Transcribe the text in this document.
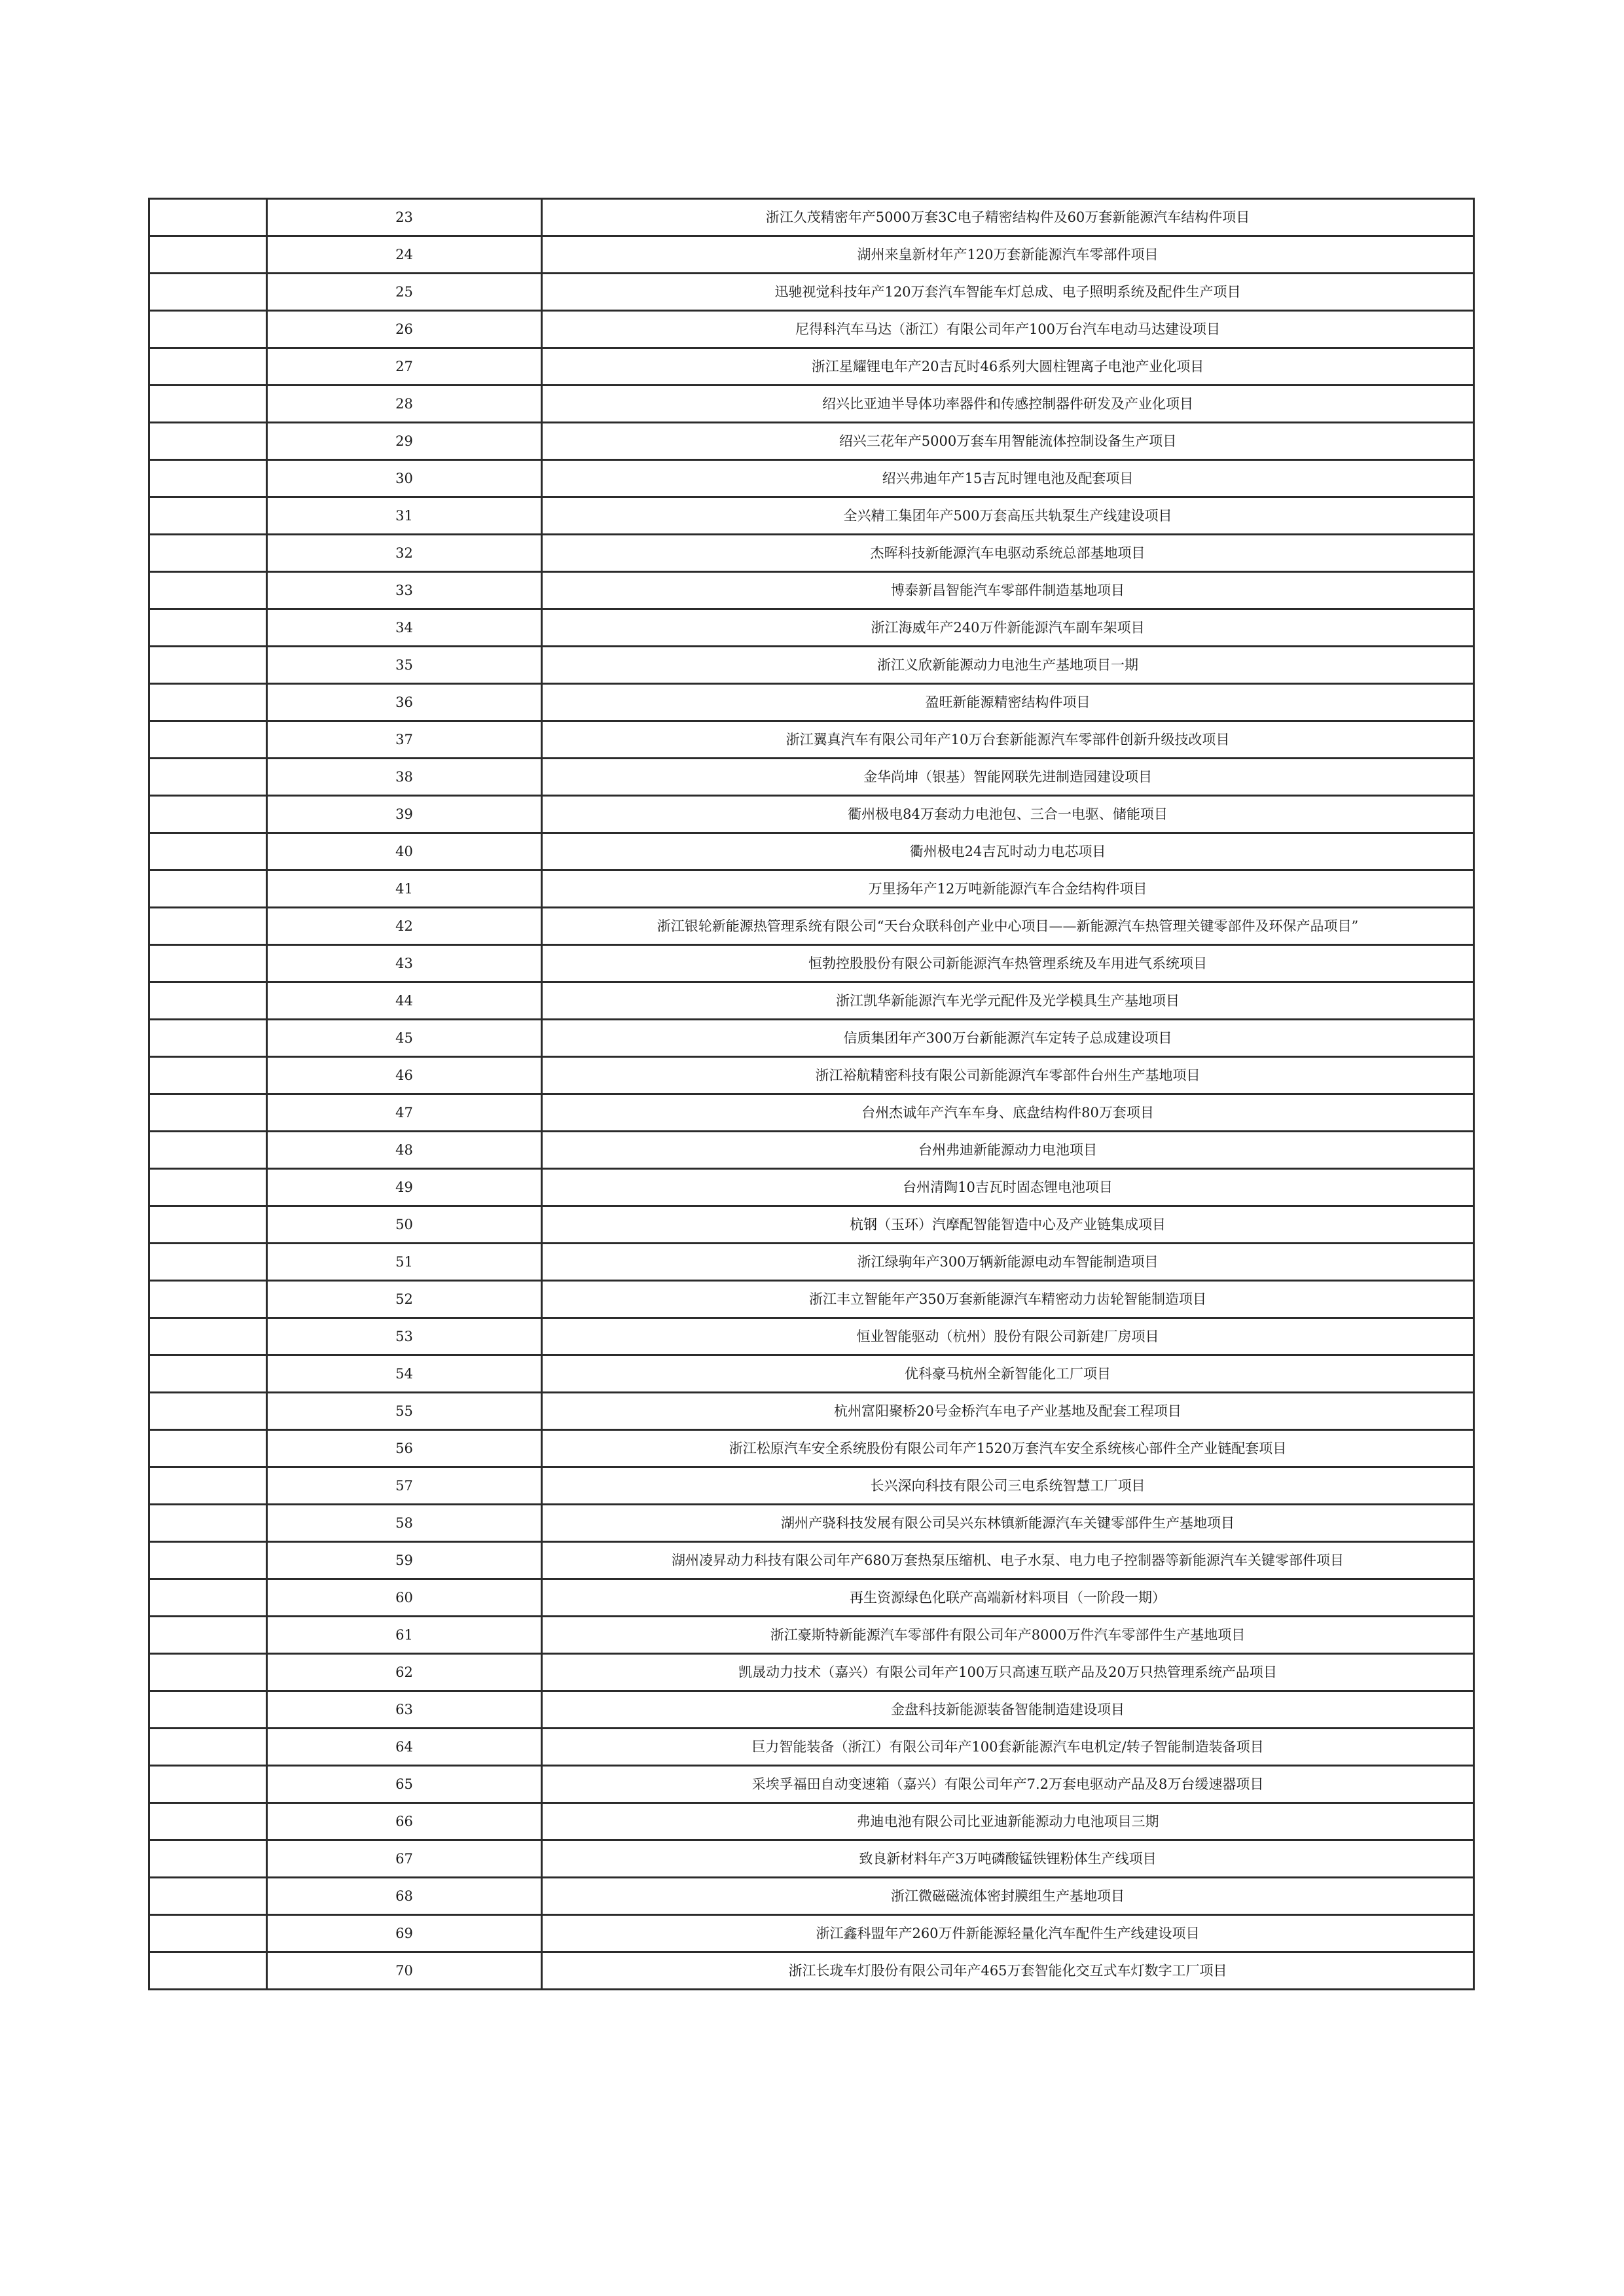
	23	浙江久茂精密年产5000万套3C电子精密结构件及60万套新能源汽车结构件项目
	24	湖州来皇新材年产120万套新能源汽车零部件项目
	25	迅驰视觉科技年产120万套汽车智能车灯总成、电子照明系统及配件生产项目
	26	尼得科汽车马达（浙江）有限公司年产100万台汽车电动马达建设项目
	27	浙江星耀锂电年产20吉瓦时46系列大圆柱锂离子电池产业化项目
	28	绍兴比亚迪半导体功率器件和传感控制器件研发及产业化项目
	29	绍兴三花年产5000万套车用智能流体控制设备生产项目
	30	绍兴弗迪年产15吉瓦时锂电池及配套项目
	31	全兴精工集团年产500万套高压共轨泵生产线建设项目
	32	杰晖科技新能源汽车电驱动系统总部基地项目
	33	博泰新昌智能汽车零部件制造基地项目
	34	浙江海威年产240万件新能源汽车副车架项目
	35	浙江义欣新能源动力电池生产基地项目一期
	36	盈旺新能源精密结构件项目
	37	浙江翼真汽车有限公司年产10万台套新能源汽车零部件创新升级技改项目
	38	金华尚坤（银基）智能网联先进制造园建设项目
	39	衢州极电84万套动力电池包、三合一电驱、储能项目
	40	衢州极电24吉瓦时动力电芯项目
	41	万里扬年产12万吨新能源汽车合金结构件项目
	42	浙江银轮新能源热管理系统有限公司“天台众联科创产业中心项目——新能源汽车热管理关键零部件及环保产品项目”
	43	恒勃控股股份有限公司新能源汽车热管理系统及车用进气系统项目
	44	浙江凯华新能源汽车光学元配件及光学模具生产基地项目
	45	信质集团年产300万台新能源汽车定转子总成建设项目
	46	浙江裕航精密科技有限公司新能源汽车零部件台州生产基地项目
	47	台州杰诚年产汽车车身、底盘结构件80万套项目
	48	台州弗迪新能源动力电池项目
	49	台州清陶10吉瓦时固态锂电池项目
	50	杭钢（玉环）汽摩配智能智造中心及产业链集成项目
	51	浙江绿驹年产300万辆新能源电动车智能制造项目
	52	浙江丰立智能年产350万套新能源汽车精密动力齿轮智能制造项目
	53	恒业智能驱动（杭州）股份有限公司新建厂房项目
	54	优科豪马杭州全新智能化工厂项目
	55	杭州富阳聚桥20号金桥汽车电子产业基地及配套工程项目
	56	浙江松原汽车安全系统股份有限公司年产1520万套汽车安全系统核心部件全产业链配套项目
	57	长兴深向科技有限公司三电系统智慧工厂项目
	58	湖州产骁科技发展有限公司吴兴东林镇新能源汽车关键零部件生产基地项目
	59	湖州凌昇动力科技有限公司年产680万套热泵压缩机、电子水泵、电力电子控制器等新能源汽车关键零部件项目
	60	再生资源绿色化联产高端新材料项目（一阶段一期）
	61	浙江豪斯特新能源汽车零部件有限公司年产8000万件汽车零部件生产基地项目
	62	凯晟动力技术（嘉兴）有限公司年产100万只高速互联产品及20万只热管理系统产品项目
	63	金盘科技新能源装备智能制造建设项目
	64	巨力智能装备（浙江）有限公司年产100套新能源汽车电机定/转子智能制造装备项目
	65	采埃孚福田自动变速箱（嘉兴）有限公司年产7.2万套电驱动产品及8万台缓速器项目
	66	弗迪电池有限公司比亚迪新能源动力电池项目三期
	67	致良新材料年产3万吨磷酸锰铁锂粉体生产线项目
	68	浙江微磁磁流体密封膜组生产基地项目
	69	浙江鑫科盟年产260万件新能源轻量化汽车配件生产线建设项目
	70	浙江长珑车灯股份有限公司年产465万套智能化交互式车灯数字工厂项目
